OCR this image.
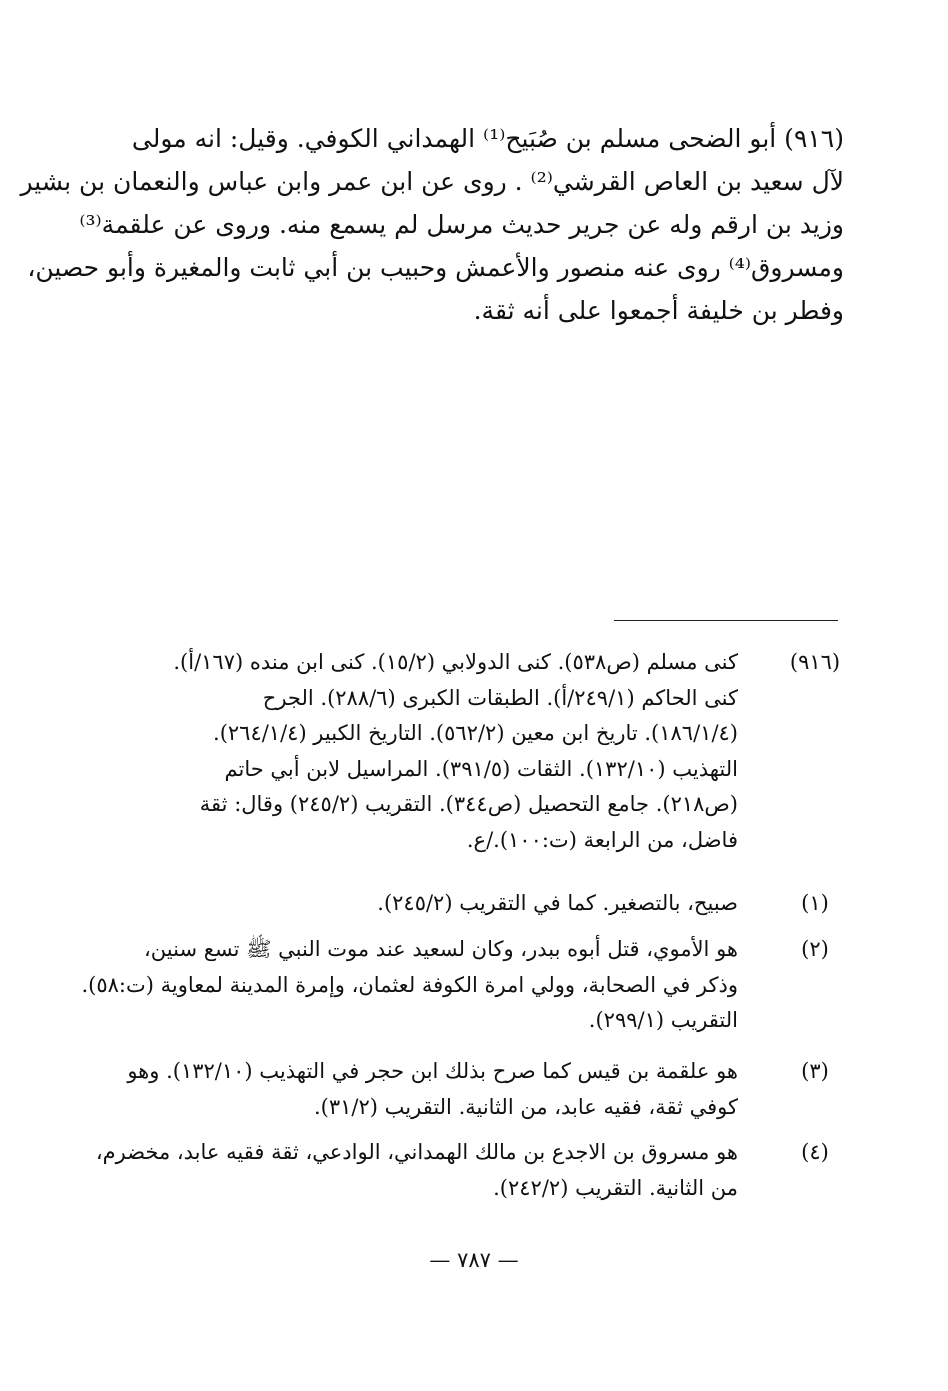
(٩١٦) أبو الضحى مسلم بن صُبَيح⁽¹⁾ الهمداني الكوفي. وقيل: انه مولى
لآل سعيد بن العاص القرشي⁽²⁾ . روى عن ابن عمر وابن عباس والنعمان بن بشير
وزيد بن ارقم وله عن جرير حديث مرسل لم يسمع منه. وروى عن علقمة⁽³⁾
ومسروق⁽⁴⁾ روى عنه منصور والأعمش وحبيب بن أبي ثابت والمغيرة وأبو حصين،
وفطر بن خليفة أجمعوا على أنه ثقة.
(٩١٦)
كنى مسلم (ص٥٣٨). كنى الدولابي (١٥/٢). كنى ابن منده (١٦٧/أ).
كنى الحاكم (٢٤٩/١/أ). الطبقات الكبرى (٢٨٨/٦). الجرح
(١٨٦/١/٤). تاريخ ابن معين (٥٦٢/٢). التاريخ الكبير (٢٦٤/١/٤).
التهذيب (١٣٢/١٠). الثقات (٣٩١/٥). المراسيل لابن أبي حاتم
(ص٢١٨). جامع التحصيل (ص٣٤٤). التقريب (٢٤٥/٢) وقال: ثقة
فاضل، من الرابعة (ت:١٠٠)./ع.
(١)
صبيح، بالتصغير. كما في التقريب (٢٤٥/٢).
(٢)
هو الأموي، قتل أبوه ببدر، وكان لسعيد عند موت النبي ﷺ تسع سنين،
وذكر في الصحابة، وولي امرة الكوفة لعثمان، وإمرة المدينة لمعاوية (ت:٥٨).
التقريب (٢٩٩/١).
(٣)
هو علقمة بن قيس كما صرح بذلك ابن حجر في التهذيب (١٣٢/١٠). وهو
كوفي ثقة، فقيه عابد، من الثانية. التقريب (٣١/٢).
(٤)
هو مسروق بن الاجدع بن مالك الهمداني، الوادعي، ثقة فقيه عابد، مخضرم،
من الثانية. التقريب (٢٤٢/٢).
— ٧٨٧ —
